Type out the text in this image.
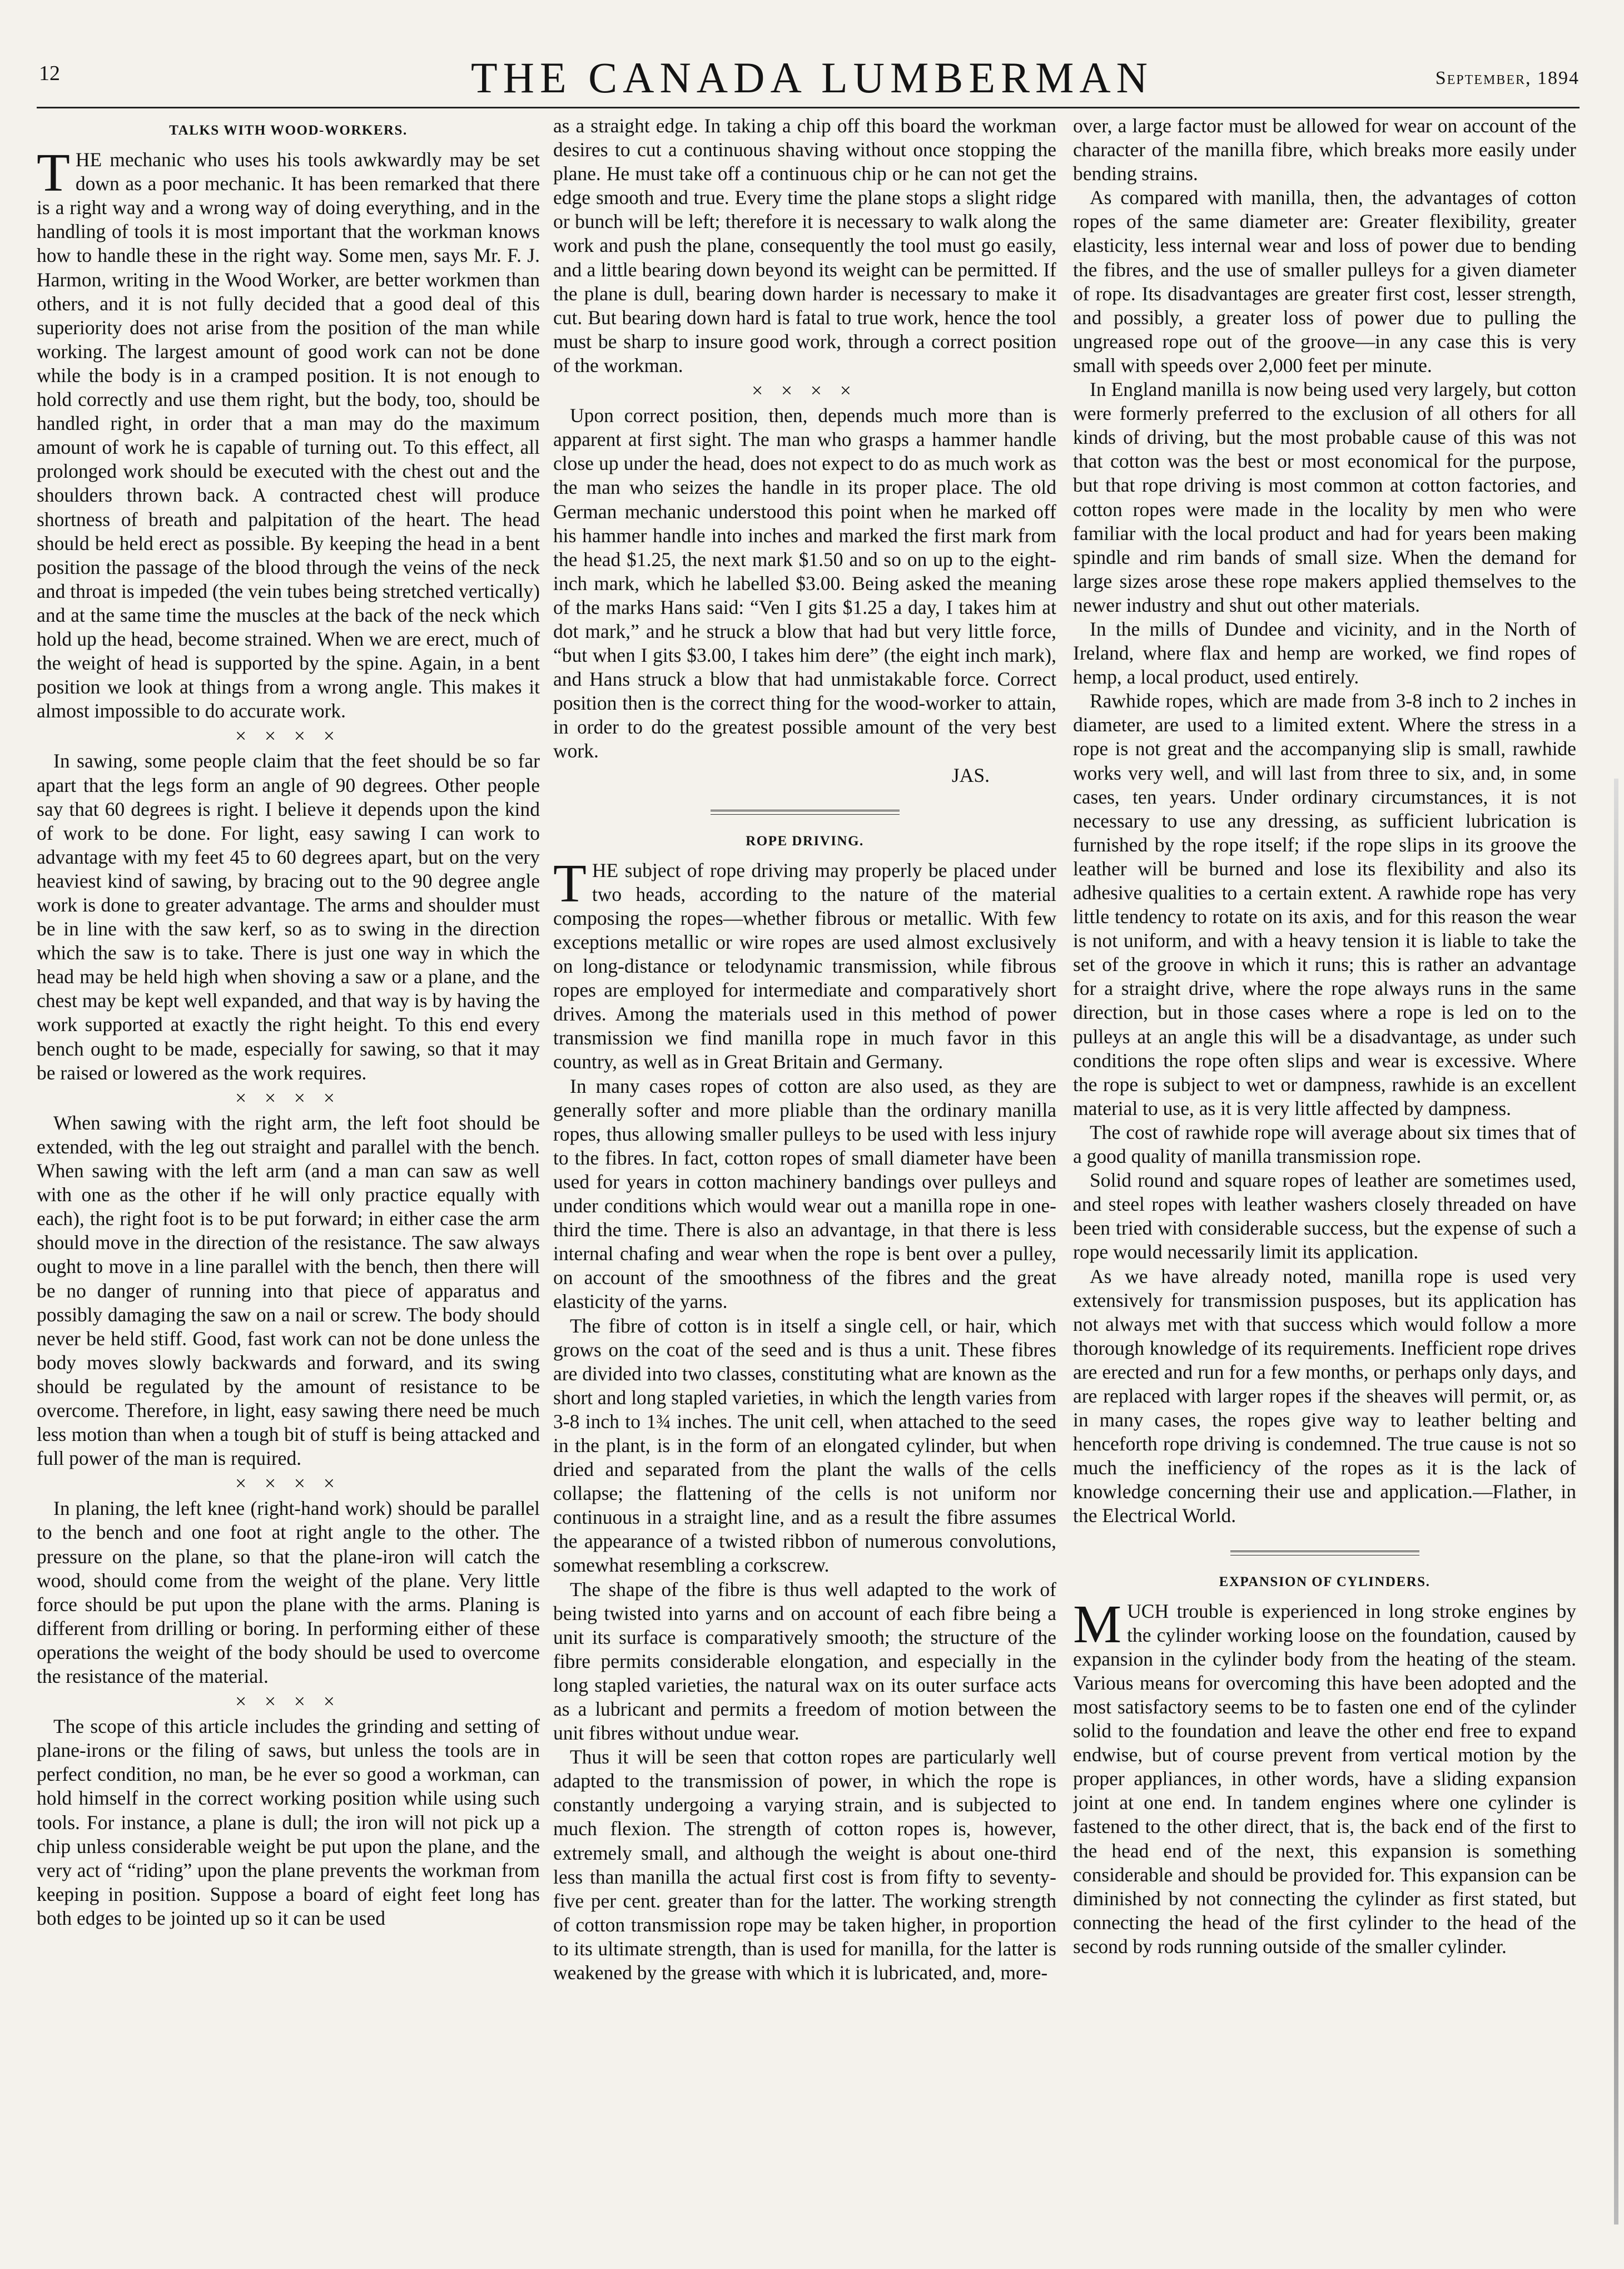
12	THE CANADA LUMBERMAN	September, 1894
TALKS WITH WOOD-WORKERS.

THE mechanic who uses his tools awkwardly may be set down as a poor mechanic. It has been remarked that there is a right way and a wrong way of doing everything, and in the handling of tools it is most important that the workman knows how to handle these in the right way. Some men, says Mr. F. J. Harmon, writing in the Wood Worker, are better workmen than others, and it is not fully decided that a good deal of this superiority does not arise from the position of the man while working. The largest amount of good work can not be done while the body is in a cramped position. It is not enough to hold correctly and use them right, but the body, too, should be handled right, in order that a man may do the maximum amount of work he is capable of turning out. To this effect, all prolonged work should be executed with the chest out and the shoulders thrown back. A contracted chest will produce shortness of breath and palpitation of the heart. The head should be held erect as possible. By keeping the head in a bent position the passage of the blood through the veins of the neck and throat is impeded (the vein tubes being stretched vertically) and at the same time the muscles at the back of the neck which hold up the head, become strained. When we are erect, much of the weight of head is supported by the spine. Again, in a bent position we look at things from a wrong angle. This makes it almost impossible to do accurate work.

× × × ×

In sawing, some people claim that the feet should be so far apart that the legs form an angle of 90 degrees. Other people say that 60 degrees is right. I believe it depends upon the kind of work to be done. For light, easy sawing I can work to advantage with my feet 45 to 60 degrees apart, but on the very heaviest kind of sawing, by bracing out to the 90 degree angle work is done to greater advantage. The arms and shoulder must be in line with the saw kerf, so as to swing in the direction which the saw is to take. There is just one way in which the head may be held high when shoving a saw or a plane, and the chest may be kept well expanded, and that way is by having the work supported at exactly the right height. To this end every bench ought to be made, especially for sawing, so that it may be raised or lowered as the work requires.

× × × ×

When sawing with the right arm, the left foot should be extended, with the leg out straight and parallel with the bench. When sawing with the left arm (and a man can saw as well with one as the other if he will only practice equally with each), the right foot is to be put forward; in either case the arm should move in the direction of the resistance. The saw always ought to move in a line parallel with the bench, then there will be no danger of running into that piece of apparatus and possibly damaging the saw on a nail or screw. The body should never be held stiff. Good, fast work can not be done unless the body moves slowly backwards and forward, and its swing should be regulated by the amount of resistance to be overcome. Therefore, in light, easy sawing there need be much less motion than when a tough bit of stuff is being attacked and full power of the man is required.

× × × ×

In planing, the left knee (right-hand work) should be parallel to the bench and one foot at right angle to the other. The pressure on the plane, so that the plane-iron will catch the wood, should come from the weight of the plane. Very little force should be put upon the plane with the arms. Planing is different from drilling or boring. In performing either of these operations the weight of the body should be used to overcome the resistance of the material.

× × × ×

The scope of this article includes the grinding and setting of plane-irons or the filing of saws, but unless the tools are in perfect condition, no man, be he ever so good a workman, can hold himself in the correct working position while using such tools. For instance, a plane is dull; the iron will not pick up a chip unless considerable weight be put upon the plane, and the very act of “riding” upon the plane prevents the workman from keeping in position. Suppose a board of eight feet long has both edges to be jointed up so it can be used

as a straight edge. In taking a chip off this board the workman desires to cut a continuous shaving without once stopping the plane. He must take off a continuous chip or he can not get the edge smooth and true. Every time the plane stops a slight ridge or bunch will be left; therefore it is necessary to walk along the work and push the plane, consequently the tool must go easily, and a little bearing down beyond its weight can be permitted. If the plane is dull, bearing down harder is necessary to make it cut. But bearing down hard is fatal to true work, hence the tool must be sharp to insure good work, through a correct position of the workman.

× × × ×

Upon correct position, then, depends much more than is apparent at first sight. The man who grasps a hammer handle close up under the head, does not expect to do as much work as the man who seizes the handle in its proper place. The old German mechanic understood this point when he marked off his hammer handle into inches and marked the first mark from the head $1.25, the next mark $1.50 and so on up to the eight-inch mark, which he labelled $3.00. Being asked the meaning of the marks Hans said: “Ven I gits $1.25 a day, I takes him at dot mark,” and he struck a blow that had but very little force, “but when I gits $3.00, I takes him dere” (the eight inch mark), and Hans struck a blow that had unmistakable force. Correct position then is the correct thing for the wood-worker to attain, in order to do the greatest possible amount of the very best work.

JAS.
ROPE DRIVING.

THE subject of rope driving may properly be placed under two heads, according to the nature of the material composing the ropes—whether fibrous or metallic. With few exceptions metallic or wire ropes are used almost exclusively on long-distance or telodynamic transmission, while fibrous ropes are employed for intermediate and comparatively short drives. Among the materials used in this method of power transmission we find manilla rope in much favor in this country, as well as in Great Britain and Germany.

In many cases ropes of cotton are also used, as they are generally softer and more pliable than the ordinary manilla ropes, thus allowing smaller pulleys to be used with less injury to the fibres. In fact, cotton ropes of small diameter have been used for years in cotton machinery bandings over pulleys and under conditions which would wear out a manilla rope in one-third the time. There is also an advantage, in that there is less internal chafing and wear when the rope is bent over a pulley, on account of the smoothness of the fibres and the great elasticity of the yarns.

The fibre of cotton is in itself a single cell, or hair, which grows on the coat of the seed and is thus a unit. These fibres are divided into two classes, constituting what are known as the short and long stapled varieties, in which the length varies from 3-8 inch to 1¾ inches. The unit cell, when attached to the seed in the plant, is in the form of an elongated cylinder, but when dried and separated from the plant the walls of the cells collapse; the flattening of the cells is not uniform nor continuous in a straight line, and as a result the fibre assumes the appearance of a twisted ribbon of numerous convolutions, somewhat resembling a corkscrew.

The shape of the fibre is thus well adapted to the work of being twisted into yarns and on account of each fibre being a unit its surface is comparatively smooth; the structure of the fibre permits considerable elongation, and especially in the long stapled varieties, the natural wax on its outer surface acts as a lubricant and permits a freedom of motion between the unit fibres without undue wear.

Thus it will be seen that cotton ropes are particularly well adapted to the transmission of power, in which the rope is constantly undergoing a varying strain, and is subjected to much flexion. The strength of cotton ropes is, however, extremely small, and although the weight is about one-third less than manilla the actual first cost is from fifty to seventy-five per cent. greater than for the latter. The working strength of cotton transmission rope may be taken higher, in proportion to its ultimate strength, than is used for manilla, for the latter is weakened by the grease with which it is lubricated, and, more-

over, a large factor must be allowed for wear on account of the character of the manilla fibre, which breaks more easily under bending strains.

As compared with manilla, then, the advantages of cotton ropes of the same diameter are: Greater flexibility, greater elasticity, less internal wear and loss of power due to bending the fibres, and the use of smaller pulleys for a given diameter of rope. Its disadvantages are greater first cost, lesser strength, and possibly, a greater loss of power due to pulling the ungreased rope out of the groove—in any case this is very small with speeds over 2,000 feet per minute.

In England manilla is now being used very largely, but cotton were formerly preferred to the exclusion of all others for all kinds of driving, but the most probable cause of this was not that cotton was the best or most economical for the purpose, but that rope driving is most common at cotton factories, and cotton ropes were made in the locality by men who were familiar with the local product and had for years been making spindle and rim bands of small size. When the demand for large sizes arose these rope makers applied themselves to the newer industry and shut out other materials.

In the mills of Dundee and vicinity, and in the North of Ireland, where flax and hemp are worked, we find ropes of hemp, a local product, used entirely.

Rawhide ropes, which are made from 3-8 inch to 2 inches in diameter, are used to a limited extent. Where the stress in a rope is not great and the accompanying slip is small, rawhide works very well, and will last from three to six, and, in some cases, ten years. Under ordinary circumstances, it is not necessary to use any dressing, as sufficient lubrication is furnished by the rope itself; if the rope slips in its groove the leather will be burned and lose its flexibility and also its adhesive qualities to a certain extent. A rawhide rope has very little tendency to rotate on its axis, and for this reason the wear is not uniform, and with a heavy tension it is liable to take the set of the groove in which it runs; this is rather an advantage for a straight drive, where the rope always runs in the same direction, but in those cases where a rope is led on to the pulleys at an angle this will be a disadvantage, as under such conditions the rope often slips and wear is excessive. Where the rope is subject to wet or dampness, rawhide is an excellent material to use, as it is very little affected by dampness.

The cost of rawhide rope will average about six times that of a good quality of manilla transmission rope.

Solid round and square ropes of leather are sometimes used, and steel ropes with leather washers closely threaded on have been tried with considerable success, but the expense of such a rope would necessarily limit its application.

As we have already noted, manilla rope is used very extensively for transmission pusposes, but its application has not always met with that success which would follow a more thorough knowledge of its requirements. Inefficient rope drives are erected and run for a few months, or perhaps only days, and are replaced with larger ropes if the sheaves will permit, or, as in many cases, the ropes give way to leather belting and henceforth rope driving is condemned. The true cause is not so much the inefficiency of the ropes as it is the lack of knowledge concerning their use and application.—Flather, in the Electrical World.

EXPANSION OF CYLINDERS.

MUCH trouble is experienced in long stroke engines by the cylinder working loose on the foundation, caused by expansion in the cylinder body from the heating of the steam. Various means for overcoming this have been adopted and the most satisfactory seems to be to fasten one end of the cylinder solid to the foundation and leave the other end free to expand endwise, but of course prevent from vertical motion by the proper appliances, in other words, have a sliding expansion joint at one end. In tandem engines where one cylinder is fastened to the other direct, that is, the back end of the first to the head end of the next, this expansion is something considerable and should be provided for. This expansion can be diminished by not connecting the cylinder as first stated, but connecting the head of the first cylinder to the head of the second by rods running outside of the smaller cylinder.
